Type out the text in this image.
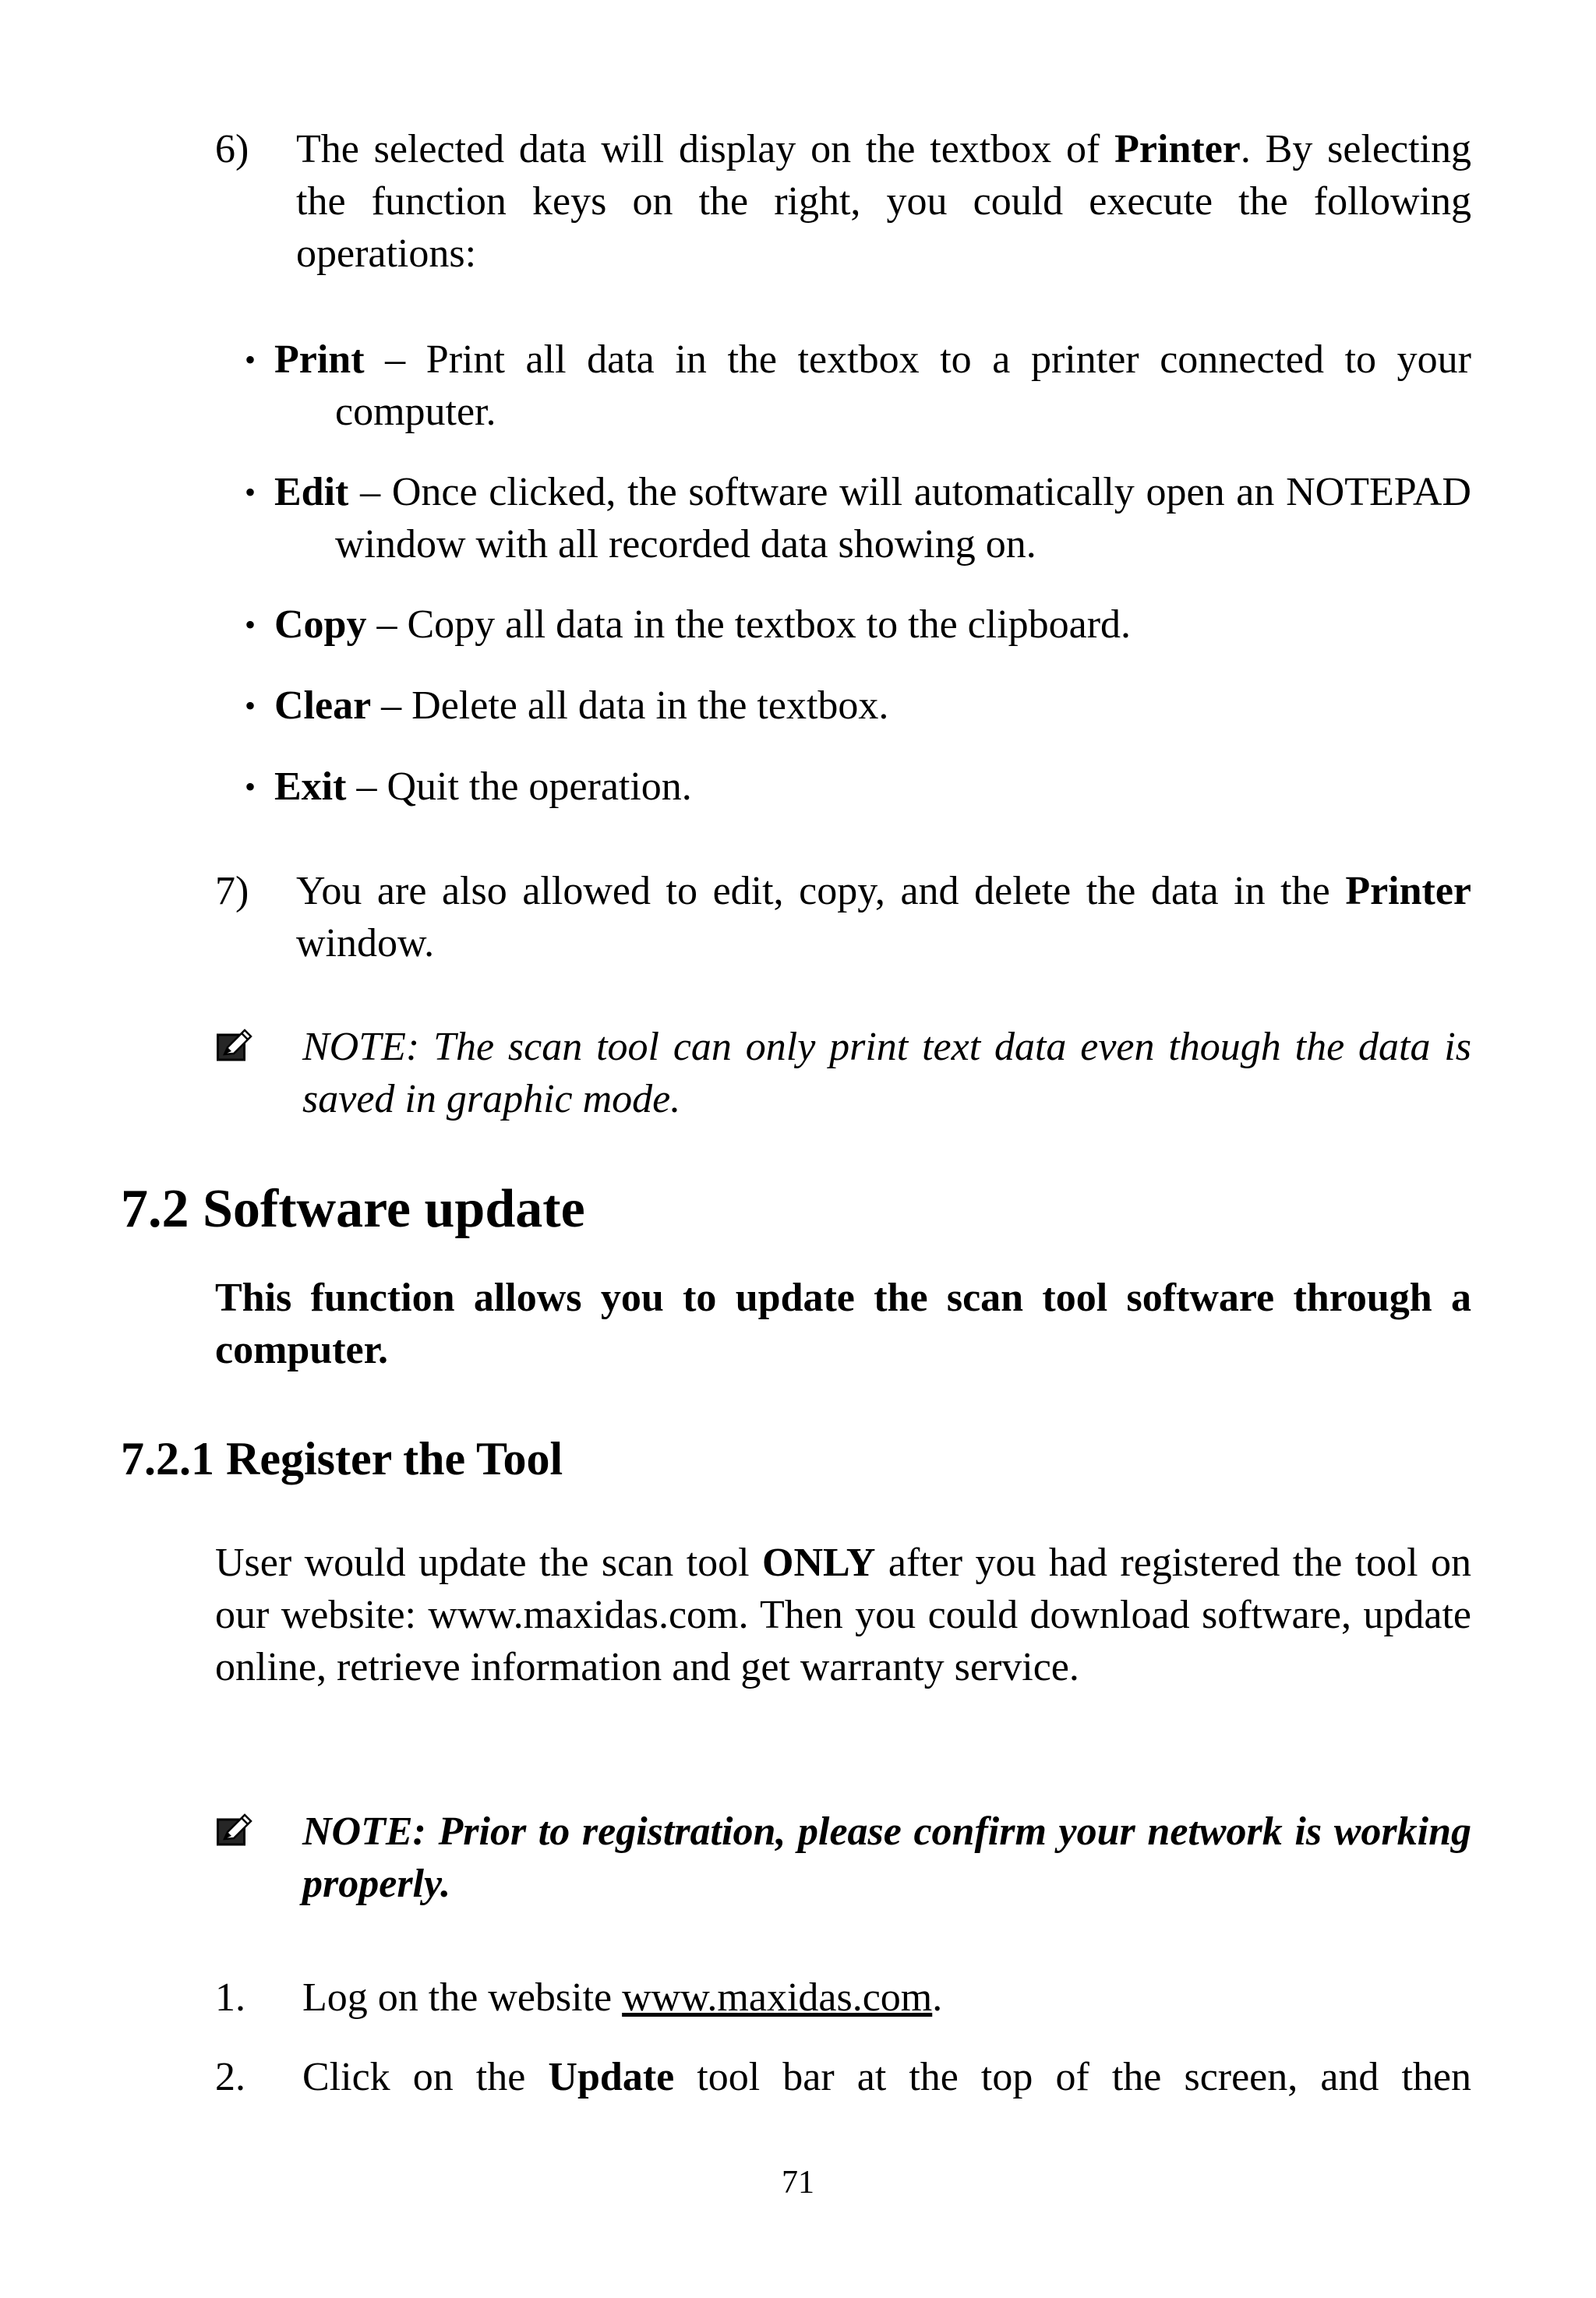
6) The selected data will display on the textbox of Printer. By selecting the function keys on the right, you could execute the following operations:
• Print – Print all data in the textbox to a printer connected to your computer.
• Edit – Once clicked, the software will automatically open an NOTEPAD window with all recorded data showing on.
• Copy – Copy all data in the textbox to the clipboard.
• Clear – Delete all data in the textbox.
• Exit – Quit the operation.
7) You are also allowed to edit, copy, and delete the data in the Printer window.
NOTE: The scan tool can only print text data even though the data is saved in graphic mode.
7.2 Software update
This function allows you to update the scan tool software through a computer.
7.2.1 Register the Tool
User would update the scan tool ONLY after you had registered the tool on our website: www.maxidas.com. Then you could download software, update online, retrieve information and get warranty service.
NOTE: Prior to registration, please confirm your network is working properly.
1. Log on the website www.maxidas.com.
2. Click on the Update tool bar at the top of the screen, and then
71
